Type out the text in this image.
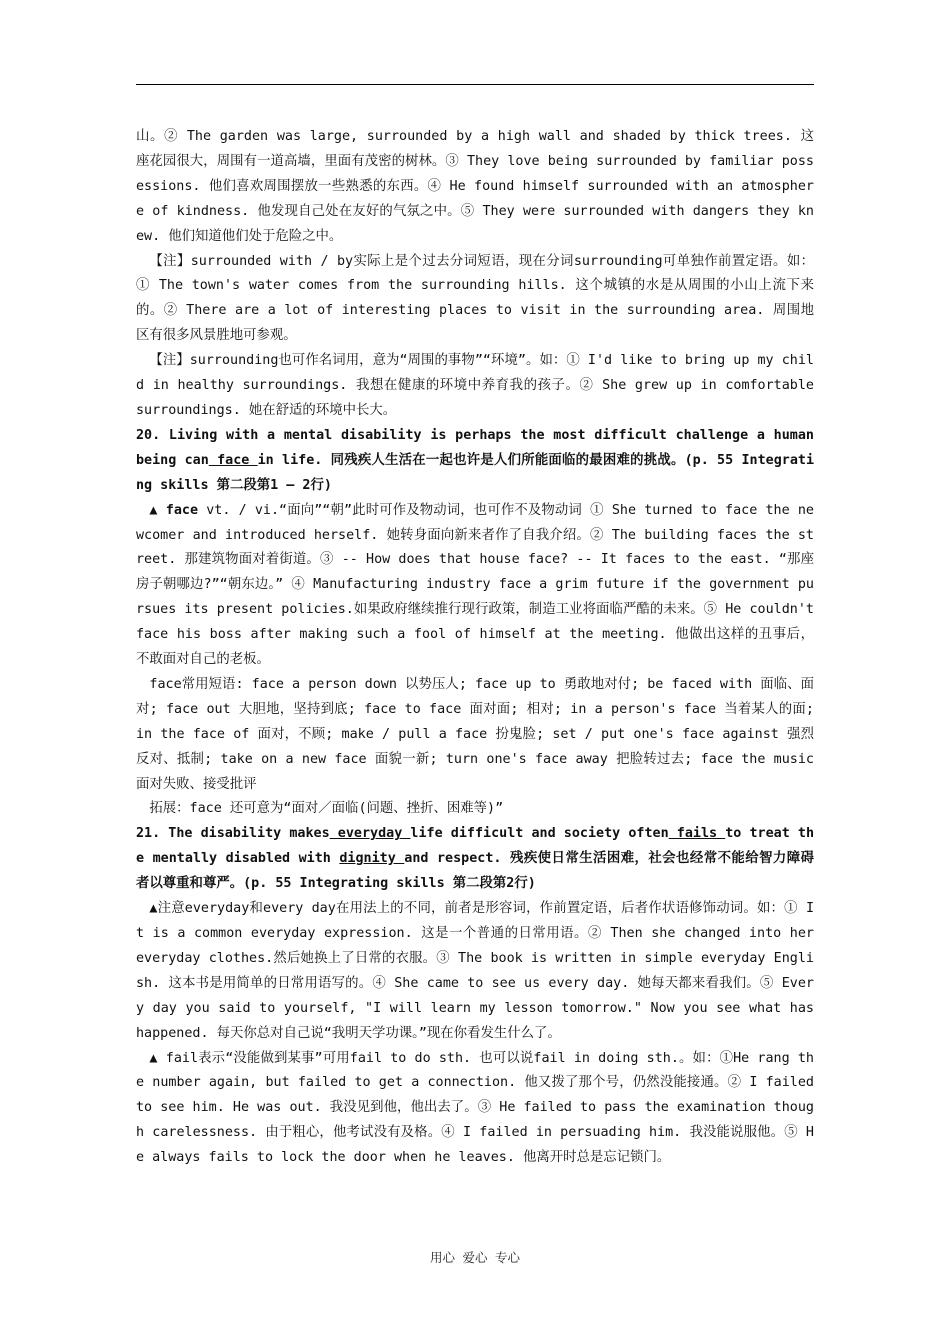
山。② The garden was large, surrounded by a high wall and shaded by thick trees. 这座花园很大，周围有一道高墙，里面有茂密的树林。③ They love being surrounded by familiar possessions. 他们喜欢周围摆放一些熟悉的东西。④ He found himself surrounded with an atmosphere of kindness. 他发现自己处在友好的气氛之中。⑤ They were surrounded with dangers they knew. 他们知道他们处于危险之中。

【注】surrounded with / by实际上是个过去分词短语，现在分词surrounding可单独作前置定语。如：① The town's water comes from the surrounding hills. 这个城镇的水是从周围的小山上流下来的。② There are a lot of interesting places to visit in the surrounding area. 周围地区有很多风景胜地可参观。

【注】surrounding也可作名词用，意为“周围的事物”“环境”。如：① I'd like to bring up my child in healthy surroundings. 我想在健康的环境中养育我的孩子。② She grew up in comfortable surroundings. 她在舒适的环境中长大。

20. Living with a mental disability is perhaps the most difficult challenge a human being can face in life. 同残疾人生活在一起也许是人们所能面临的最困难的挑战。(p. 55 Integrating skills 第二段第1 – 2行)

▲ face vt. / vi.“面向”“朝”此时可作及物动词，也可作不及物动词 ① She turned to face the newcomer and introduced herself. 她转身面向新来者作了自我介绍。② The building faces the street. 那建筑物面对着街道。③ -- How does that house face? -- It faces to the east. “那座房子朝哪边?”“朝东边。” ④ Manufacturing industry face a grim future if the government pursues its present policies.如果政府继续推行现行政策，制造工业将面临严酷的未来。⑤ He couldn't face his boss after making such a fool of himself at the meeting. 他做出这样的丑事后，不敢面对自己的老板。

face常用短语: face a person down 以势压人; face up to 勇敢地对付; be faced with 面临、面对; face out 大胆地，坚持到底; face to face 面对面; 相对; in a person's face 当着某人的面; in the face of 面对，不顾; make / pull a face 扮鬼脸; set / put one's face against 强烈反对、抵制; take on a new face 面貌一新; turn one's face away 把脸转过去; face the music 面对失败、接受批评

拓展：face 还可意为“面对／面临(问题、挫折、困难等)”

21. The disability makes everyday life difficult and society often fails to treat the mentally disabled with dignity and respect. 残疾使日常生活困难，社会也经常不能给智力障碍者以尊重和尊严。(p. 55 Integrating skills 第二段第2行)

▲注意everyday和every day在用法上的不同，前者是形容词，作前置定语，后者作状语修饰动词。如：① It is a common everyday expression. 这是一个普通的日常用语。② Then she changed into her everyday clothes.然后她换上了日常的衣服。③ The book is written in simple everyday English. 这本书是用简单的日常用语写的。④ She came to see us every day. 她每天都来看我们。⑤ Every day you said to yourself, "I will learn my lesson tomorrow." Now you see what has happened. 每天你总对自己说“我明天学功课。”现在你看发生什么了。

▲ fail表示“没能做到某事”可用fail to do sth. 也可以说fail in doing sth.。如：①He rang the number again, but failed to get a connection. 他又拨了那个号，仍然没能接通。② I failed to see him. He was out. 我没见到他，他出去了。③ He failed to pass the examination though carelessness. 由于粗心，他考试没有及格。④ I failed in persuading him. 我没能说服他。⑤ He always fails to lock the door when he leaves. 他离开时总是忘记锁门。

用心 爱心 专心
